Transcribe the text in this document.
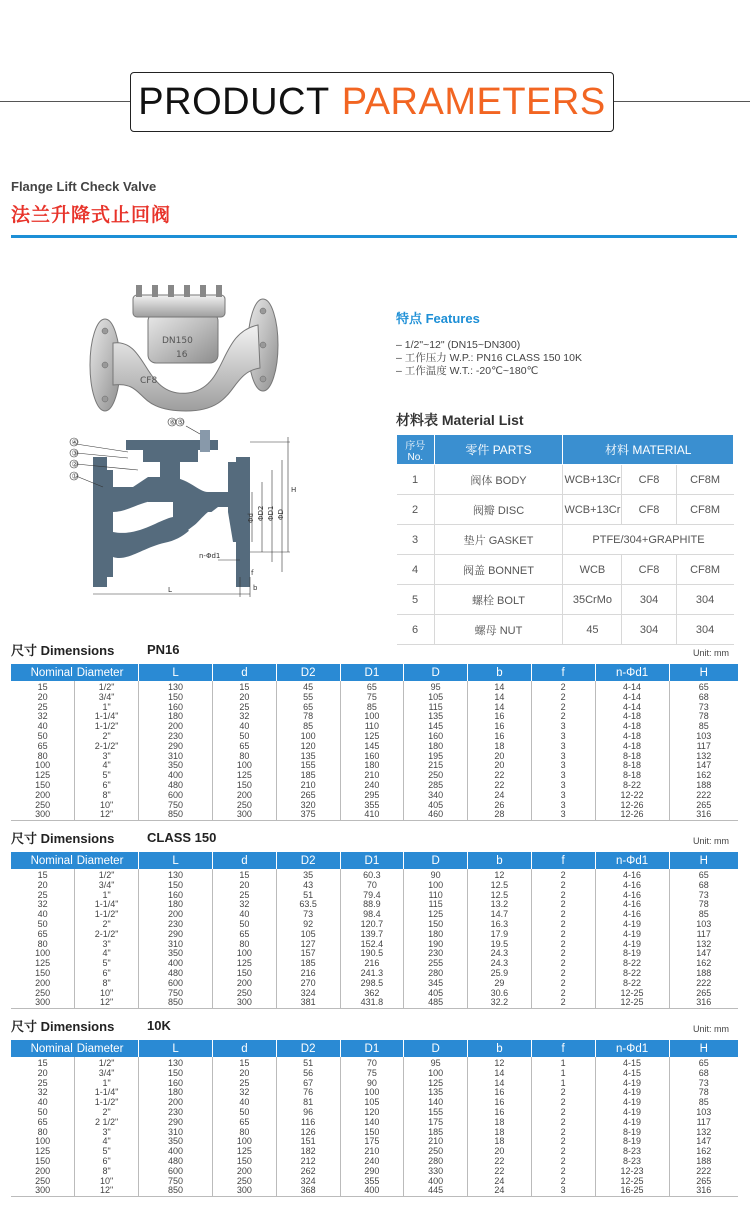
PRODUCT PARAMETERS
Flange Lift Check Valve
法兰升降式止回阀
DN150
16
CF8
④
③
②
①
⑥ ⑤
L
H
Φd ΦD2 ΦD1 ΦD
n-Φd1
f
b
特点 Features
– 1/2"~12" (DN15~DN300)
– 工作压力 W.P.: PN16 CLASS 150 10K
– 工作温度 W.T.: -20℃~180℃
材料表 Material List
序号No.	零件 PARTS	材料 MATERIAL		
1	阀体 BODY	WCB+13Cr	CF8	CF8M
2	阀瓣 DISC	WCB+13Cr	CF8	CF8M
3	垫片 GASKET	PTFE/304+GRAPHITE		
4	阀盖 BONNET	WCB	CF8	CF8M
5	螺栓 BOLT	35CrMo	304	304
6	螺母 NUT	45	304	304
尺寸 Dimensions	PN16	Unit: mm
Nominal	Diameter	L	d	D2	D1	D	b	f	n-Φd1	H
15	1/2"	130	15	45	65	95	14	2	4-14	65
20	3/4"	150	20	55	75	105	14	2	4-14	68
25	1"	160	25	65	85	115	14	2	4-14	73
32	1-1/4"	180	32	78	100	135	16	2	4-18	78
40	1-1/2"	200	40	85	110	145	16	3	4-18	85
50	2"	230	50	100	125	160	16	3	4-18	103
65	2-1/2"	290	65	120	145	180	18	3	4-18	117
80	3"	310	80	135	160	195	20	3	8-18	132
100	4"	350	100	155	180	215	20	3	8-18	147
125	5"	400	125	185	210	250	22	3	8-18	162
150	6"	480	150	210	240	285	22	3	8-22	188
200	8"	600	200	265	295	340	24	3	12-22	222
250	10"	750	250	320	355	405	26	3	12-26	265
300	12"	850	300	375	410	460	28	3	12-26	316
尺寸 Dimensions	CLASS 150	Unit: mm
Nominal	Diameter	L	d	D2	D1	D	b	f	n-Φd1	H
15	1/2"	130	15	35	60.3	90	12	2	4-16	65
20	3/4"	150	20	43	70	100	12.5	2	4-16	68
25	1"	160	25	51	79.4	110	12.5	2	4-16	73
32	1-1/4"	180	32	63.5	88.9	115	13.2	2	4-16	78
40	1-1/2"	200	40	73	98.4	125	14.7	2	4-16	85
50	2"	230	50	92	120.7	150	16.3	2	4-19	103
65	2-1/2"	290	65	105	139.7	180	17.9	2	4-19	117
80	3"	310	80	127	152.4	190	19.5	2	4-19	132
100	4"	350	100	157	190.5	230	24.3	2	8-19	147
125	5"	400	125	185	216	255	24.3	2	8-22	162
150	6"	480	150	216	241.3	280	25.9	2	8-22	188
200	8"	600	200	270	298.5	345	29	2	8-22	222
250	10"	750	250	324	362	405	30.6	2	12-25	265
300	12"	850	300	381	431.8	485	32.2	2	12-25	316
尺寸 Dimensions	10K	Unit: mm
Nominal	Diameter	L	d	D2	D1	D	b	f	n-Φd1	H
15	1/2"	130	15	51	70	95	12	1	4-15	65
20	3/4"	150	20	56	75	100	14	1	4-15	68
25	1"	160	25	67	90	125	14	1	4-19	73
32	1-1/4"	180	32	76	100	135	16	2	4-19	78
40	1-1/2"	200	40	81	105	140	16	2	4-19	85
50	2"	230	50	96	120	155	16	2	4-19	103
65	2 1/2"	290	65	116	140	175	18	2	4-19	117
80	3"	310	80	126	150	185	18	2	8-19	132
100	4"	350	100	151	175	210	18	2	8-19	147
125	5"	400	125	182	210	250	20	2	8-23	162
150	6"	480	150	212	240	280	22	2	8-23	188
200	8"	600	200	262	290	330	22	2	12-23	222
250	10"	750	250	324	355	400	24	2	12-25	265
300	12"	850	300	368	400	445	24	3	16-25	316
